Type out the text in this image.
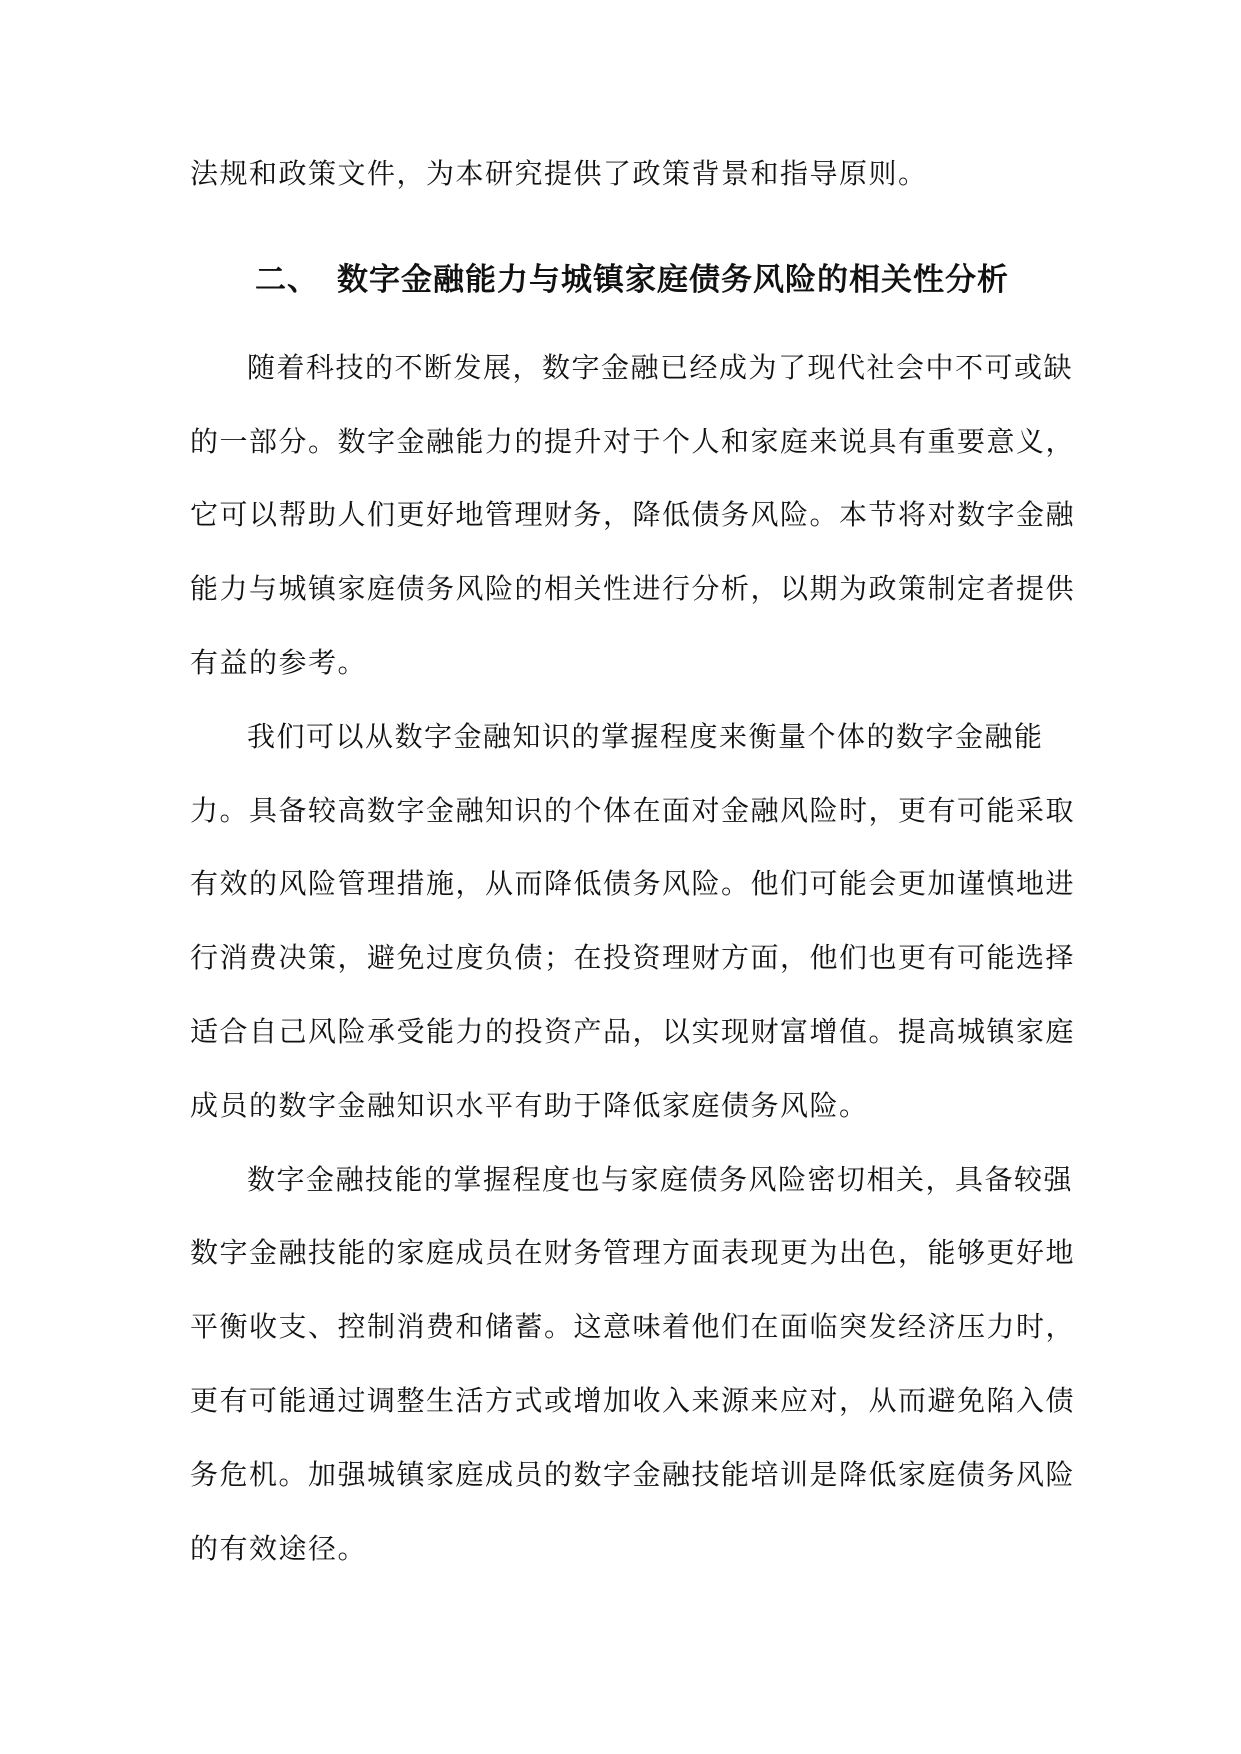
法规和政策文件，为本研究提供了政策背景和指导原则。
二、 数字金融能力与城镇家庭债务风险的相关性分析
随着科技的不断发展，数字金融已经成为了现代社会中不可或缺
的一部分。数字金融能力的提升对于个人和家庭来说具有重要意义，
它可以帮助人们更好地管理财务，降低债务风险。本节将对数字金融
能力与城镇家庭债务风险的相关性进行分析，以期为政策制定者提供
有益的参考。
我们可以从数字金融知识的掌握程度来衡量个体的数字金融能
力。具备较高数字金融知识的个体在面对金融风险时，更有可能采取
有效的风险管理措施，从而降低债务风险。他们可能会更加谨慎地进
行消费决策，避免过度负债；在投资理财方面，他们也更有可能选择
适合自己风险承受能力的投资产品，以实现财富增值。提高城镇家庭
成员的数字金融知识水平有助于降低家庭债务风险。
数字金融技能的掌握程度也与家庭债务风险密切相关，具备较强
数字金融技能的家庭成员在财务管理方面表现更为出色，能够更好地
平衡收支、控制消费和储蓄。这意味着他们在面临突发经济压力时，
更有可能通过调整生活方式或增加收入来源来应对，从而避免陷入债
务危机。加强城镇家庭成员的数字金融技能培训是降低家庭债务风险
的有效途径。
